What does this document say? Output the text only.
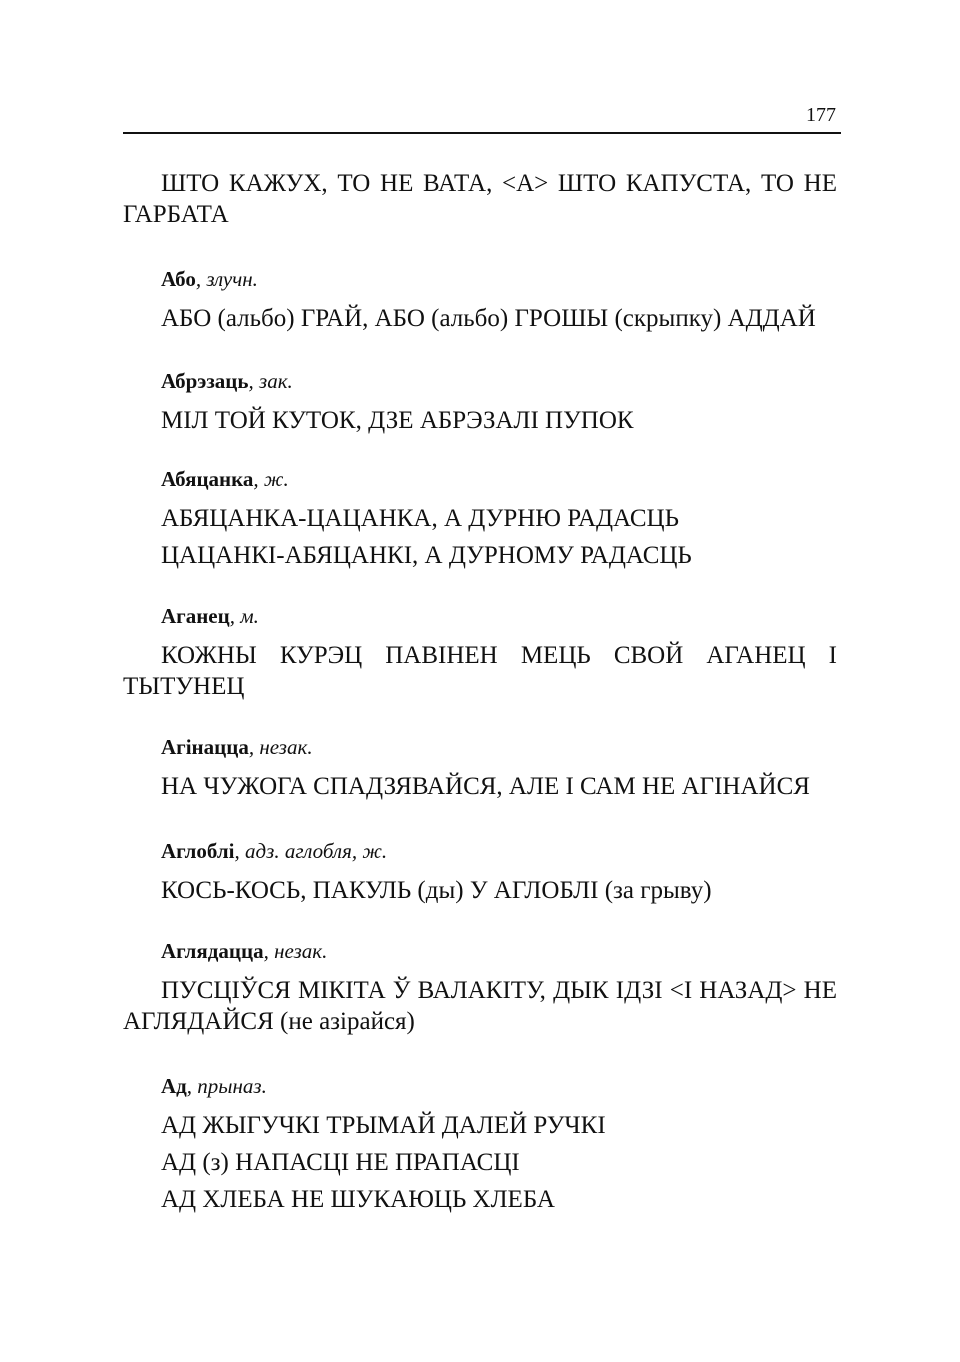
177

ШТО КАЖУХ, ТО НЕ ВАТА, <А> ШТО КАПУСТА, ТО НЕ ГАРБАТА

Або, злучн.

АБО (альбо) ГРАЙ, АБО (альбо) ГРОШЫ (скрыпку) АДДАЙ

Абрэзаць, зак.

МІЛ ТОЙ КУТОК, ДЗЕ АБРЭЗАЛІ ПУПОК

Абяцанка, ж.

АБЯЦАНКА-ЦАЦАНКА, А ДУРНЮ РАДАСЦЬ

ЦАЦАНКІ-АБЯЦАНКІ, А ДУРНОМУ РАДАСЦЬ

Аганец, м.

КОЖНЫ КУРЭЦ ПАВІНЕН МЕЦЬ СВОЙ АГАНЕЦ І ТЫТУНЕЦ

Агінацца, незак.

НА ЧУЖОГА СПАДЗЯВАЙСЯ, АЛЕ І САМ НЕ АГІНАЙСЯ

Аглоблі, адз. аглобля, ж.

КОСЬ-КОСЬ, ПАКУЛЬ (ды) У АГЛОБЛІ (за грыву)

Аглядацца, незак.

ПУСЦІЎСЯ МІКІТА Ў ВАЛАКІТУ, ДЫК ІДЗІ <І НАЗАД> НЕ АГЛЯДАЙСЯ (не азірайся)

Ад, прыназ.

АД ЖЫГУЧКІ ТРЫМАЙ ДАЛЕЙ РУЧКІ

АД (з) НАПАСЦІ НЕ ПРАПАСЦІ

АД ХЛЕБА НЕ ШУКАЮЦЬ ХЛЕБА
